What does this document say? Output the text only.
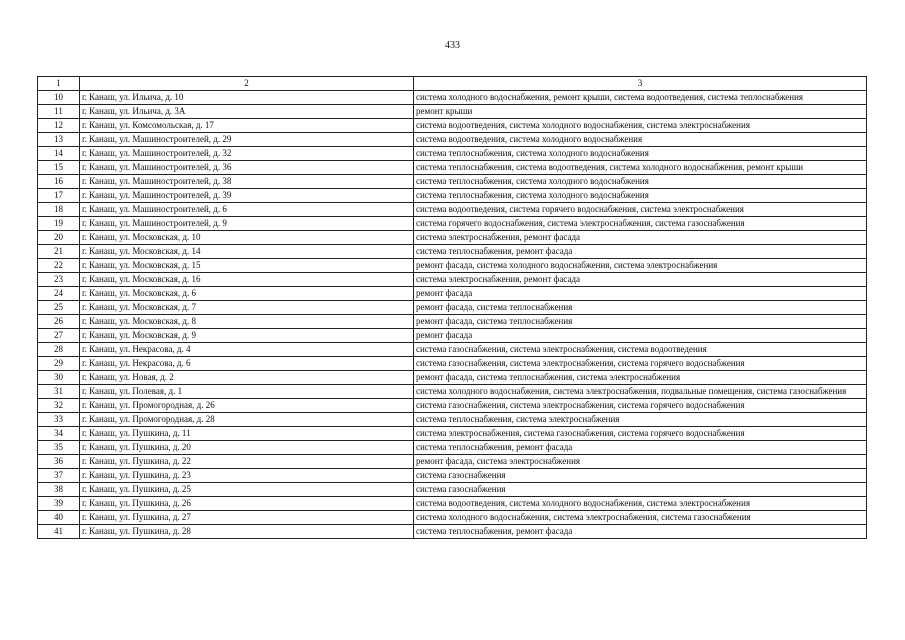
433
1	2	3
10	г. Канаш, ул. Ильича, д. 10	система холодного водоснабжения, ремонт крыши, система водоотведения, система теплоснабжения
11	г. Канаш, ул. Ильича, д. 3А	ремонт крыши
12	г. Канаш, ул. Комсомольская, д. 17	система водоотведения, система холодного водоснабжения, система электроснабжения
13	г. Канаш, ул. Машиностроителей, д. 29	система водоотведения, система холодного водоснабжения
14	г. Канаш, ул. Машиностроителей, д. 32	система теплоснабжения, система холодного водоснабжения
15	г. Канаш, ул. Машиностроителей, д. 36	система теплоснабжения, система водоотведения, система холодного водоснабжения, ремонт крыши
16	г. Канаш, ул. Машиностроителей, д. 38	система теплоснабжения, система холодного водоснабжения
17	г. Канаш, ул. Машиностроителей, д. 39	система теплоснабжения, система холодного водоснабжения
18	г. Канаш, ул. Машиностроителей, д. 6	система водоотведения, система горячего водоснабжения, система электроснабжения
19	г. Канаш, ул. Машиностроителей, д. 9	система горячего водоснабжения, система электроснабжения, система газоснабжения
20	г. Канаш, ул. Московская, д. 10	система электроснабжения, ремонт фасада
21	г. Канаш, ул. Московская, д. 14	система теплоснабжения, ремонт фасада
22	г. Канаш, ул. Московская, д. 15	ремонт фасада, система холодного водоснабжения, система электроснабжения
23	г. Канаш, ул. Московская, д. 16	система электроснабжения, ремонт фасада
24	г. Канаш, ул. Московская, д. 6	ремонт фасада
25	г. Канаш, ул. Московская, д. 7	ремонт фасада, система теплоснабжения
26	г. Канаш, ул. Московская, д. 8	ремонт фасада, система теплоснабжения
27	г. Канаш, ул. Московская, д. 9	ремонт фасада
28	г. Канаш, ул. Некрасова, д. 4	система газоснабжения, система электроснабжения, система водоотведения
29	г. Канаш, ул. Некрасова, д. 6	система газоснабжения, система электроснабжения, система горячего водоснабжения
30	г. Канаш, ул. Новая, д. 2	ремонт фасада, система теплоснабжения, система электроснабжения
31	г. Канаш, ул. Полевая, д. 1	система холодного водоснабжения, система электроснабжения, подвальные помещения, система газоснабжения
32	г. Канаш, ул. Промогородная, д. 26	система газоснабжения, система электроснабжения, система горячего водоснабжения
33	г. Канаш, ул. Промогородная, д. 28	система теплоснабжения, система электроснабжения
34	г. Канаш, ул. Пушкина, д. 11	система электроснабжения, система газоснабжения, система горячего водоснабжения
35	г. Канаш, ул. Пушкина, д. 20	система теплоснабжения, ремонт фасада
36	г. Канаш, ул. Пушкина, д. 22	ремонт фасада, система электроснабжения
37	г. Канаш, ул. Пушкина, д. 23	система газоснабжения
38	г. Канаш, ул. Пушкина, д. 25	система газоснабжения
39	г. Канаш, ул. Пушкина, д. 26	система водоотведения, система холодного водоснабжения, система электроснабжения
40	г. Канаш, ул. Пушкина, д. 27	система холодного водоснабжения, система электроснабжения, система газоснабжения
41	г. Канаш, ул. Пушкина, д. 28	система теплоснабжения, ремонт фасада
